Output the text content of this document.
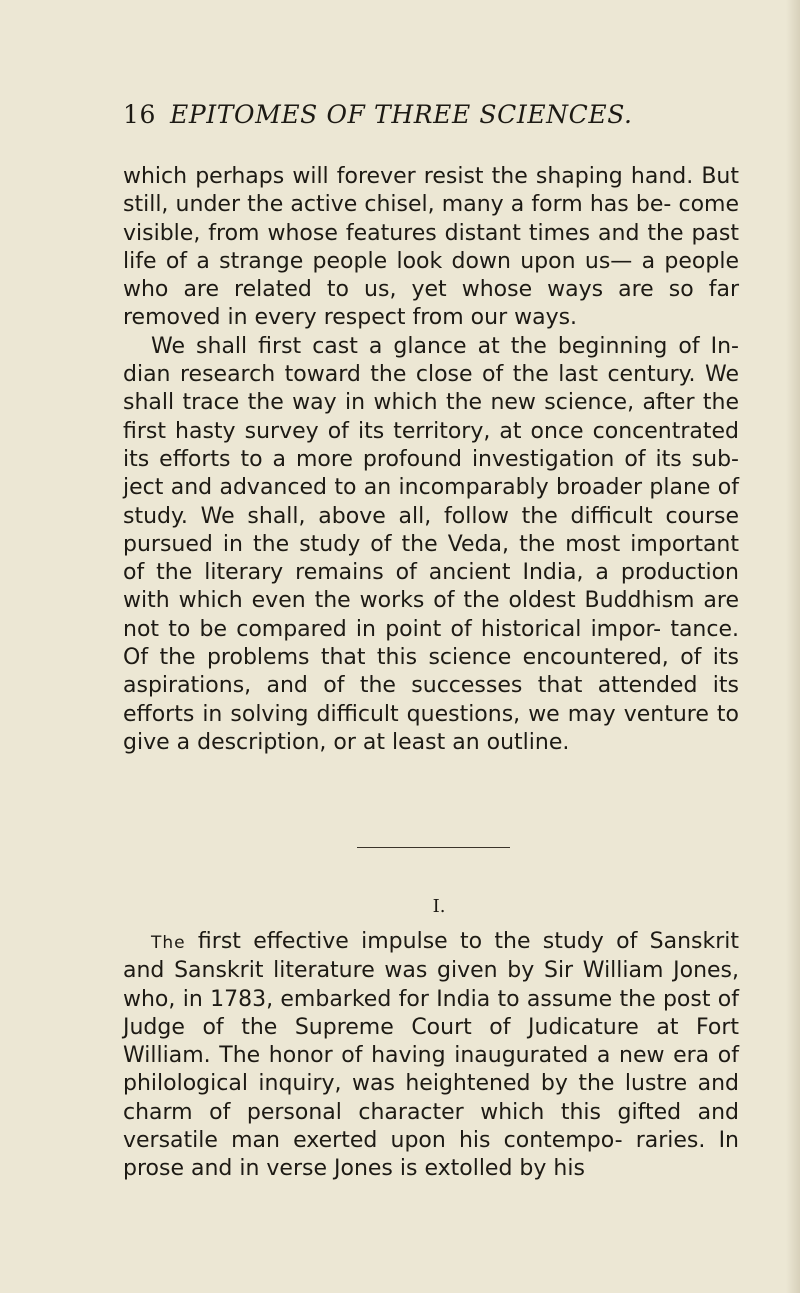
16 EPITOMES OF THREE SCIENCES.

which perhaps will forever resist the shaping hand. But still, under the active chisel, many a form has be- come visible, from whose features distant times and the past life of a strange people look down upon us— a people who are related to us, yet whose ways are so far removed in every respect from our ways.

We shall first cast a glance at the beginning of In- dian research toward the close of the last century. We shall trace the way in which the new science, after the first hasty survey of its territory, at once concentrated its efforts to a more profound investigation of its sub- ject and advanced to an incomparably broader plane of study. We shall, above all, follow the difficult course pursued in the study of the Veda, the most important of the literary remains of ancient India, a production with which even the works of the oldest Buddhism are not to be compared in point of historical impor- tance. Of the problems that this science encountered, of its aspirations, and of the successes that attended its efforts in solving difficult questions, we may venture to give a description, or at least an outline.

I.

The first effective impulse to the study of Sanskrit and Sanskrit literature was given by Sir William Jones, who, in 1783, embarked for India to assume the post of Judge of the Supreme Court of Judicature at Fort William. The honor of having inaugurated a new era of philological inquiry, was heightened by the lustre and charm of personal character which this gifted and versatile man exerted upon his contempo- raries. In prose and in verse Jones is extolled by his
